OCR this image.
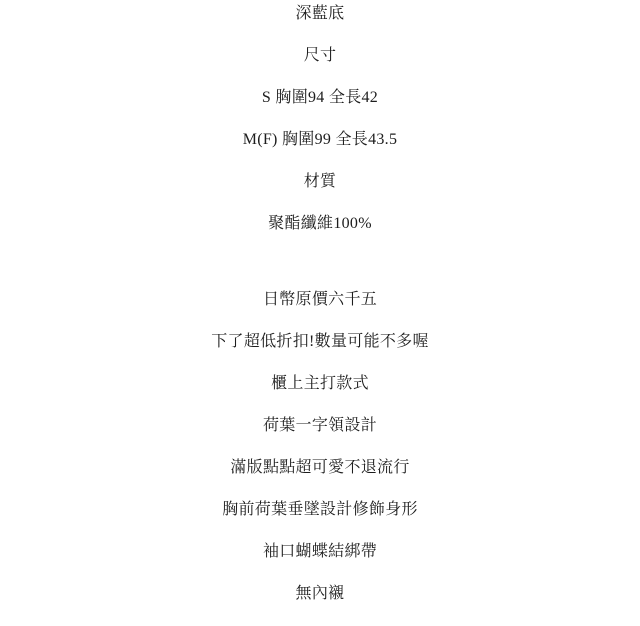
深藍底
尺寸
S 胸圍94 全長42
M(F) 胸圍99 全長43.5
材質
聚酯纖維100%
日幣原價六千五
下了超低折扣!數量可能不多喔
櫃上主打款式
荷葉一字領設計
滿版點點超可愛不退流行
胸前荷葉垂墜設計修飾身形
袖口蝴蝶結綁帶
無內襯
